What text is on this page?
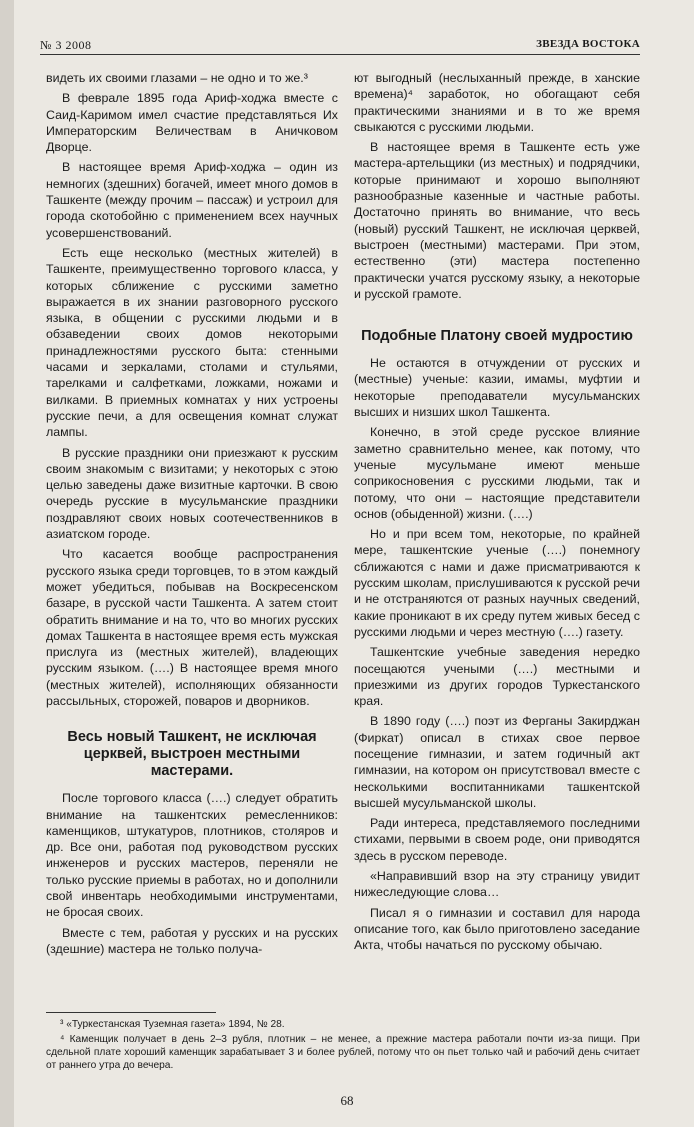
№ 3 2008	ЗВЕЗДА ВОСТОКА

видеть их своими глазами – не одно и то же.³

В феврале 1895 года Ариф-ходжа вместе с Саид-Каримом имел счастие представляться Их Императорским Величествам в Аничковом Дворце.

В настоящее время Ариф-ходжа – один из немногих (здешних) богачей, имеет много домов в Ташкенте (между прочим – пассаж) и устроил для города скотобойню с применением всех научных усовершенствований.

Есть еще несколько (местных жителей) в Ташкенте, преимущественно торгового класса, у которых сближение с русскими заметно выражается в их знании разговорного русского языка, в общении с русскими людьми и в обзаведении своих домов некоторыми принадлежностями русского быта: стенными часами и зеркалами, столами и стульями, тарелками и салфетками, ложками, ножами и вилками. В приемных комнатах у них устроены русские печи, а для освещения комнат служат лампы.

В русские праздники они приезжают к русским своим знакомым с визитами; у некоторых с этою целью заведены даже визитные карточки. В свою очередь русские в мусульманские праздники поздравляют своих новых соотечественников в азиатском городе.

Что касается вообще распространения русского языка среди торговцев, то в этом каждый может убедиться, побывав на Воскресенском базаре, в русской части Ташкента. А затем стоит обратить внимание и на то, что во многих русских домах Ташкента в настоящее время есть мужская прислуга из (местных жителей), владеющих русским языком. (….) В настоящее время много (местных жителей), исполняющих обязанности рассыльных, сторожей, поваров и дворников.

Весь новый Ташкент, не исключая церквей, выстроен местными мастерами.

После торгового класса (….) следует обратить внимание на ташкентских ремесленников: каменщиков, штукатуров, плотников, столяров и др. Все они, работая под руководством русских инженеров и русских мастеров, переняли не только русские приемы в работах, но и дополнили свой инвентарь необходимыми инструментами, не бросая своих.

Вместе с тем, работая у русских и на русских (здешние) мастера не только получа-

ют выгодный (неслыханный прежде, в ханские времена)⁴ заработок, но обогащают себя практическими знаниями и в то же время свыкаются с русскими людьми.

В настоящее время в Ташкенте есть уже мастера-артельщики (из местных) и подрядчики, которые принимают и хорошо выполняют разнообразные казенные и частные работы. Достаточно принять во внимание, что весь (новый) русский Ташкент, не исключая церквей, выстроен (местными) мастерами. При этом, естественно (эти) мастера постепенно практически учатся русскому языку, а некоторые и русской грамоте.

Подобные Платону своей мудростию

Не остаются в отчуждении от русских и (местные) ученые: казии, имамы, муфтии и некоторые преподаватели мусульманских высших и низших школ Ташкента.

Конечно, в этой среде русское влияние заметно сравнительно менее, как потому, что ученые мусульмане имеют меньше соприкосновения с русскими людьми, так и потому, что они – настоящие представители основ (обыденной) жизни. (….)

Но и при всем том, некоторые, по крайней мере, ташкентские ученые (….) понемногу сближаются с нами и даже присматриваются к русским школам, прислушиваются к русской речи и не отстраняются от разных научных сведений, какие проникают в их среду путем живых бесед с русскими людьми и через местную (….) газету.

Ташкентские учебные заведения нередко посещаются учеными (….) местными и приезжими из других городов Туркестанского края.

В 1890 году (….) поэт из Ферганы Закирджан (Фиркат) описал в стихах свое первое посещение гимназии, и затем годичный акт гимназии, на котором он присутствовал вместе с несколькими воспитанниками ташкентской высшей мусульманской школы.

Ради интереса, представляемого последними стихами, первыми в своем роде, они приводятся здесь в русском переводе.

«Направивший взор на эту страницу увидит нижеследующие слова…

Писал я о гимназии и составил для народа описание того, как было приготовлено заседание Акта, чтобы начаться по русскому обычаю.

³ «Туркестанская Туземная газета» 1894, № 28.

⁴ Каменщик получает в день 2–3 рубля, плотник – не менее, а прежние мастера работали почти из-за пищи. При сдельной плате хороший каменщик зарабатывает 3 и более рублей, потому что он пьет только чай и рабочий день считает от раннего утра до вечера.

68
